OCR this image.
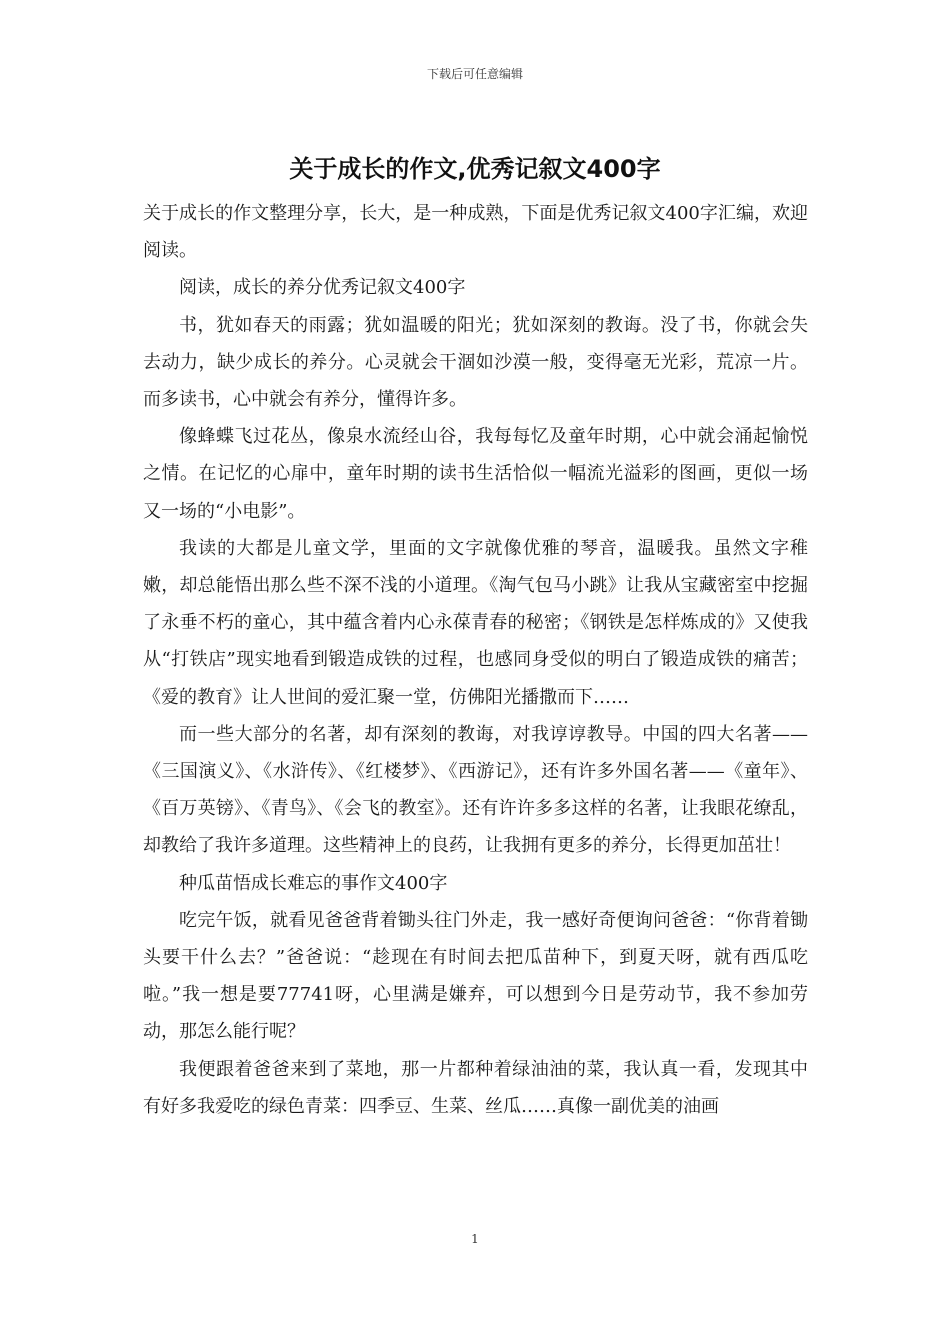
下载后可任意编辑
关于成长的作文,优秀记叙文400字

关于成长的作文整理分享，长大，是一种成熟，下面是优秀记叙文400字汇编，欢迎阅读。

阅读，成长的养分优秀记叙文400字

书，犹如春天的雨露；犹如温暖的阳光；犹如深刻的教诲。没了书，你就会失去动力，缺少成长的养分。心灵就会干涸如沙漠一般，变得毫无光彩，荒凉一片。而多读书，心中就会有养分，懂得许多。

像蜂蝶飞过花丛，像泉水流经山谷，我每每忆及童年时期，心中就会涌起愉悦之情。在记忆的心扉中，童年时期的读书生活恰似一幅流光溢彩的图画，更似一场又一场的“小电影”。

我读的大都是儿童文学，里面的文字就像优雅的琴音，温暖我。虽然文字稚嫩，却总能悟出那么些不深不浅的小道理。《淘气包马小跳》让我从宝藏密室中挖掘了永垂不朽的童心，其中蕴含着内心永葆青春的秘密；《钢铁是怎样炼成的》又使我从“打铁店”现实地看到锻造成铁的过程，也感同身受似的明白了锻造成铁的痛苦；《爱的教育》让人世间的爱汇聚一堂，仿佛阳光播撒而下……

而一些大部分的名著，却有深刻的教诲，对我谆谆教导。中国的四大名著——《三国演义》、《水浒传》、《红楼梦》、《西游记》，还有许多外国名著——《童年》、《百万英镑》、《青鸟》、《会飞的教室》。还有许许多多这样的名著，让我眼花缭乱，却教给了我许多道理。这些精神上的良药，让我拥有更多的养分，长得更加茁壮！

种瓜苗悟成长难忘的事作文400字

吃完午饭，就看见爸爸背着锄头往门外走，我一感好奇便询问爸爸：“你背着锄头要干什么去？”爸爸说：“趁现在有时间去把瓜苗种下，到夏天呀，就有西瓜吃啦。”我一想是要77741呀，心里满是嫌弃，可以想到今日是劳动节，我不参加劳动，那怎么能行呢？

我便跟着爸爸来到了菜地，那一片都种着绿油油的菜，我认真一看，发现其中有好多我爱吃的绿色青菜：四季豆、生菜、丝瓜……真像一副优美的油画

1
